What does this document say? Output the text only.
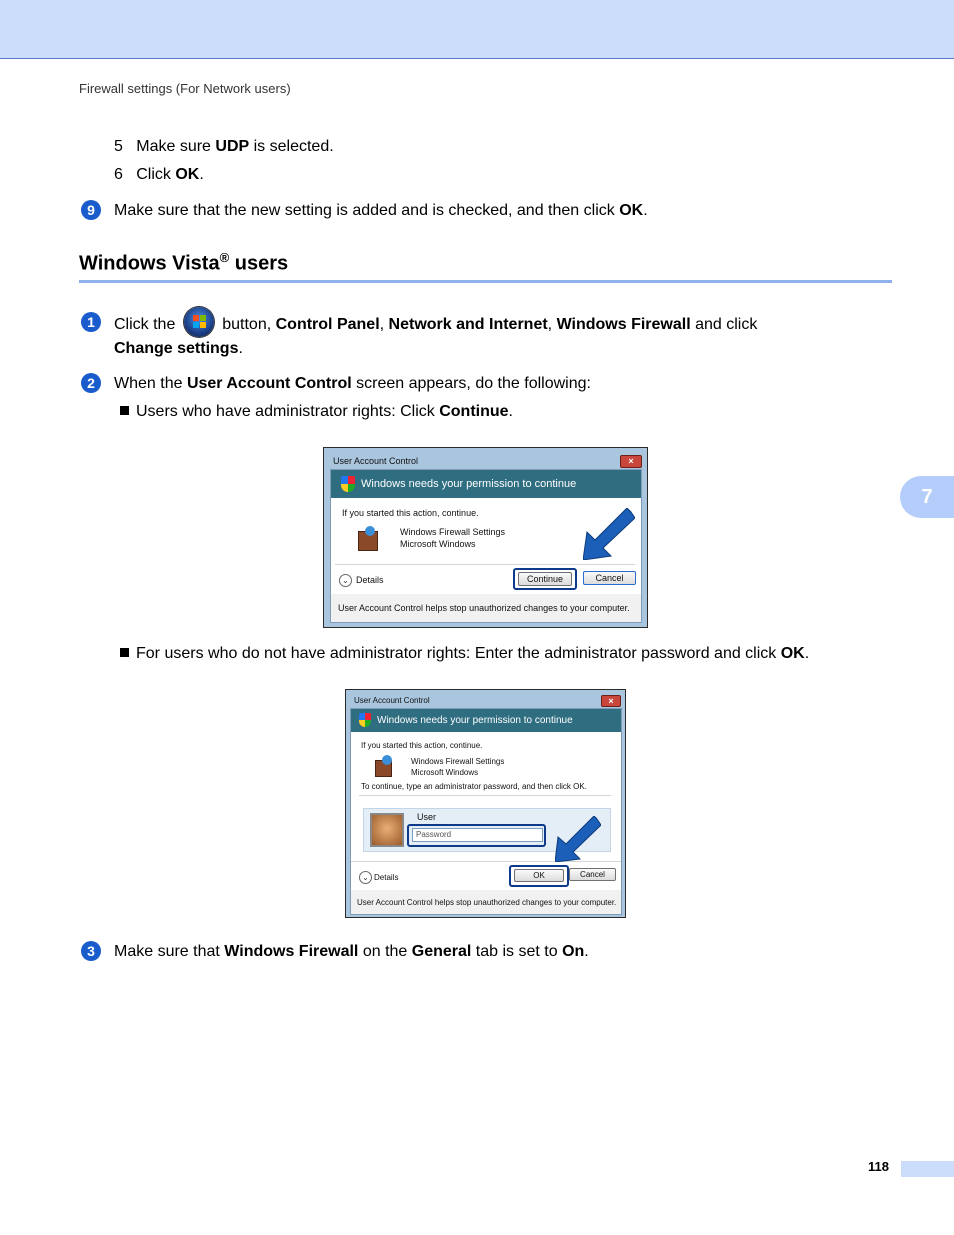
Firewall settings (For Network users)
5 Make sure UDP is selected.
6 Click OK.
9	Make sure that the new setting is added and is checked, and then click OK.
Windows Vista® users
1	Click the
button, Control Panel, Network and Internet, Windows Firewall and click
Change settings.
2	When the User Account Control screen appears, do the following:
Users who have administrator rights: Click Continue.
User Account Control	×
Windows needs your permission to continue
If you started this action, continue.
Windows Firewall Settings
Microsoft Windows
⌄ Details	Continue	Cancel
User Account Control helps stop unauthorized changes to your computer.
For users who do not have administrator rights: Enter the administrator password and click OK.
User Account Control	×
Windows needs your permission to continue
If you started this action, continue.
Windows Firewall Settings
Microsoft Windows
To continue, type an administrator password, and then click OK.
User
Password
⌄ Details	OK	Cancel
User Account Control helps stop unauthorized changes to your computer.
3	Make sure that Windows Firewall on the General tab is set to On.
7
118
